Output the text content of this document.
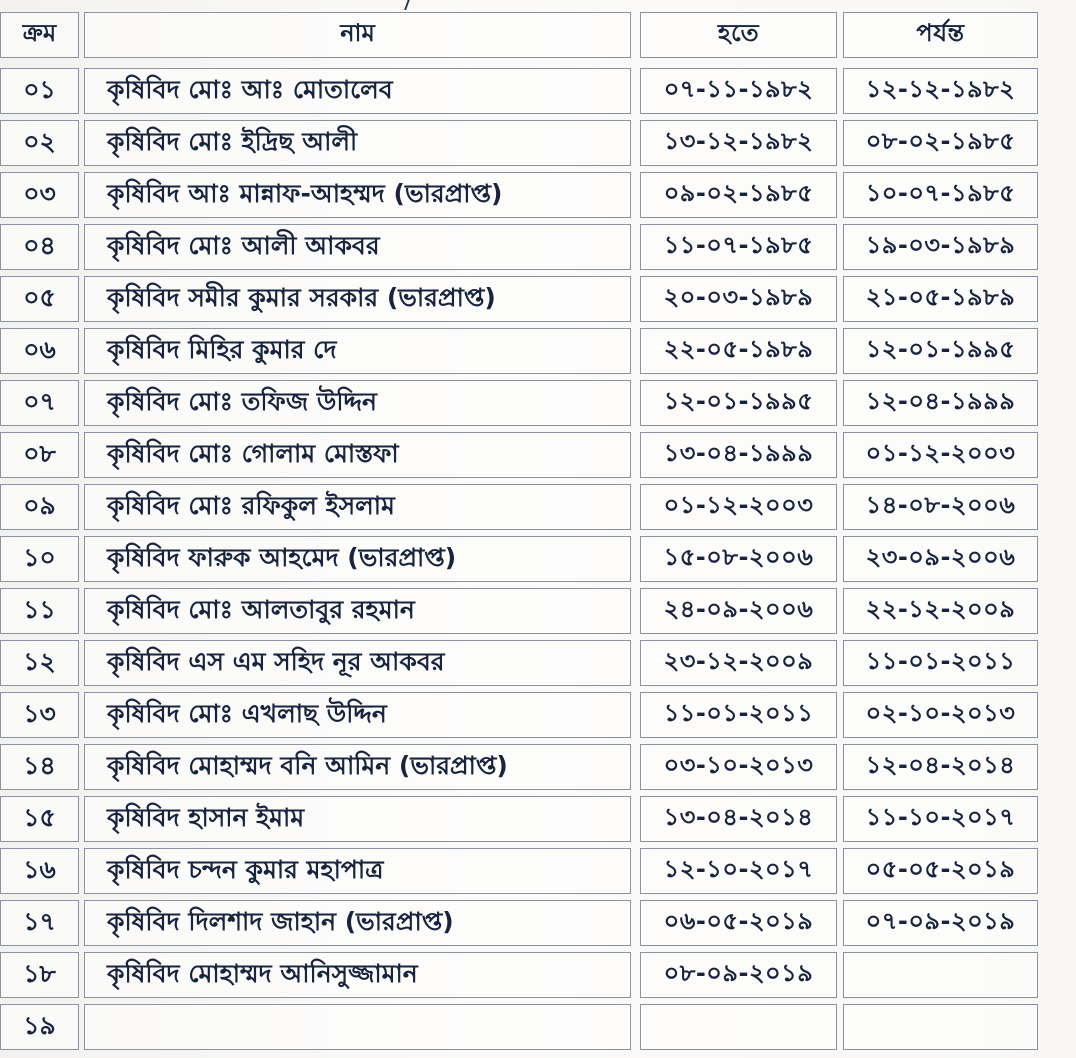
ক্রম	নাম	হতে	পর্যন্ত
০১	কৃষিবিদ মোঃ আঃ মোতালেব	০৭-১১-১৯৮২	১২-১২-১৯৮২
০২	কৃষিবিদ মোঃ ইদ্রিছ আলী	১৩-১২-১৯৮২	০৮-০২-১৯৮৫
০৩	কৃষিবিদ আঃ মান্নাফ-আহম্মদ (ভারপ্রাপ্ত)	০৯-০২-১৯৮৫	১০-০৭-১৯৮৫
০৪	কৃষিবিদ মোঃ আলী আকবর	১১-০৭-১৯৮৫	১৯-০৩-১৯৮৯
০৫	কৃষিবিদ সমীর কুমার সরকার (ভারপ্রাপ্ত)	২০-০৩-১৯৮৯	২১-০৫-১৯৮৯
০৬	কৃষিবিদ মিহির কুমার দে	২২-০৫-১৯৮৯	১২-০১-১৯৯৫
০৭	কৃষিবিদ মোঃ তফিজ উদ্দিন	১২-০১-১৯৯৫	১২-০৪-১৯৯৯
০৮	কৃষিবিদ মোঃ গোলাম মোস্তফা	১৩-০৪-১৯৯৯	০১-১২-২০০৩
০৯	কৃষিবিদ মোঃ রফিকুল ইসলাম	০১-১২-২০০৩	১৪-০৮-২০০৬
১০	কৃষিবিদ ফারুক আহমেদ (ভারপ্রাপ্ত)	১৫-০৮-২০০৬	২৩-০৯-২০০৬
১১	কৃষিবিদ মোঃ আলতাবুর রহমান	২৪-০৯-২০০৬	২২-১২-২০০৯
১২	কৃষিবিদ এস এম সহিদ নূর আকবর	২৩-১২-২০০৯	১১-০১-২০১১
১৩	কৃষিবিদ মোঃ এখলাছ উদ্দিন	১১-০১-২০১১	০২-১০-২০১৩
১৪	কৃষিবিদ মোহাম্মদ বনি আমিন (ভারপ্রাপ্ত)	০৩-১০-২০১৩	১২-০৪-২০১৪
১৫	কৃষিবিদ হাসান ইমাম	১৩-০৪-২০১৪	১১-১০-২০১৭
১৬	কৃষিবিদ চন্দন কুমার মহাপাত্র	১২-১০-২০১৭	০৫-০৫-২০১৯
১৭	কৃষিবিদ দিলশাদ জাহান (ভারপ্রাপ্ত)	০৬-০৫-২০১৯	০৭-০৯-২০১৯
১৮	কৃষিবিদ মোহাম্মদ আনিসুজ্জামান	০৮-০৯-২০১৯
১৯
